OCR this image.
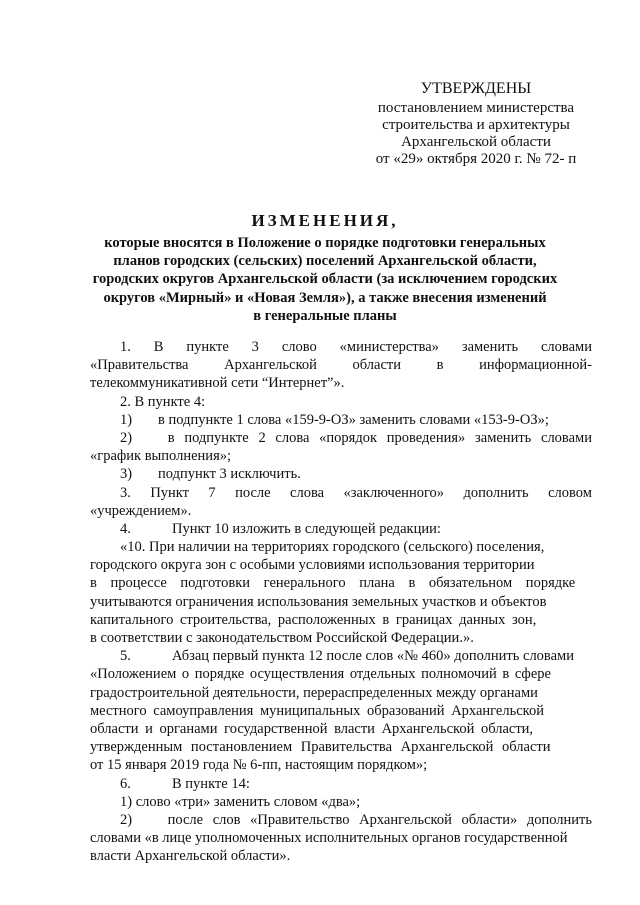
УТВЕРЖДЕНЫ
постановлением министерства
строительства и архитектуры
Архангельской области
от «29» октября 2020 г. № 72- п
ИЗМЕНЕНИЯ,
которые вносятся в Положение о порядке подготовки генеральных
планов городских (сельских) поселений Архангельской области,
городских округов Архангельской области (за исключением городских
округов «Мирный» и «Новая Земля»), а также внесения изменений
в генеральные планы
1. В пункте 3 слово «министерства» заменить словами
«Правительства Архангельской области в информационной-
телекоммуникативной сети “Интернет”».
2. В пункте 4:
1) в подпункте 1 слова «159-9-ОЗ» заменить словами «153-9-ОЗ»;
2)	в подпункте 2 слова «порядок проведения» заменить словами
«график выполнения»;
3) подпункт 3 исключить.
3. Пункт 7 после слова «заключенного» дополнить словом
«учреждением».
4.	Пункт 10 изложить в следующей редакции:
«10. При наличии на территориях городского (сельского) поселения,
городского округа зон с особыми условиями использования территории
в процессе подготовки генерального плана в обязательном порядке
учитываются ограничения использования земельных участков и объектов
капитального строительства, расположенных в границах данных зон,
в соответствии с законодательством Российской Федерации.».
5.	Абзац первый пункта 12 после слов «№ 460» дополнить словами
«Положением о порядке осуществления отдельных полномочий в сфере
градостроительной деятельности, перераспределенных между органами
местного самоуправления муниципальных образований Архангельской
области и органами государственной власти Архангельской области,
утвержденным постановлением Правительства Архангельской области
от 15 января 2019 года № 6-пп, настоящим порядком»;
6.	В пункте 14:
1) слово «три» заменить словом «два»;
2)	после слов «Правительство Архангельской области» дополнить
словами «в лице уполномоченных исполнительных органов государственной
власти Архангельской области».
